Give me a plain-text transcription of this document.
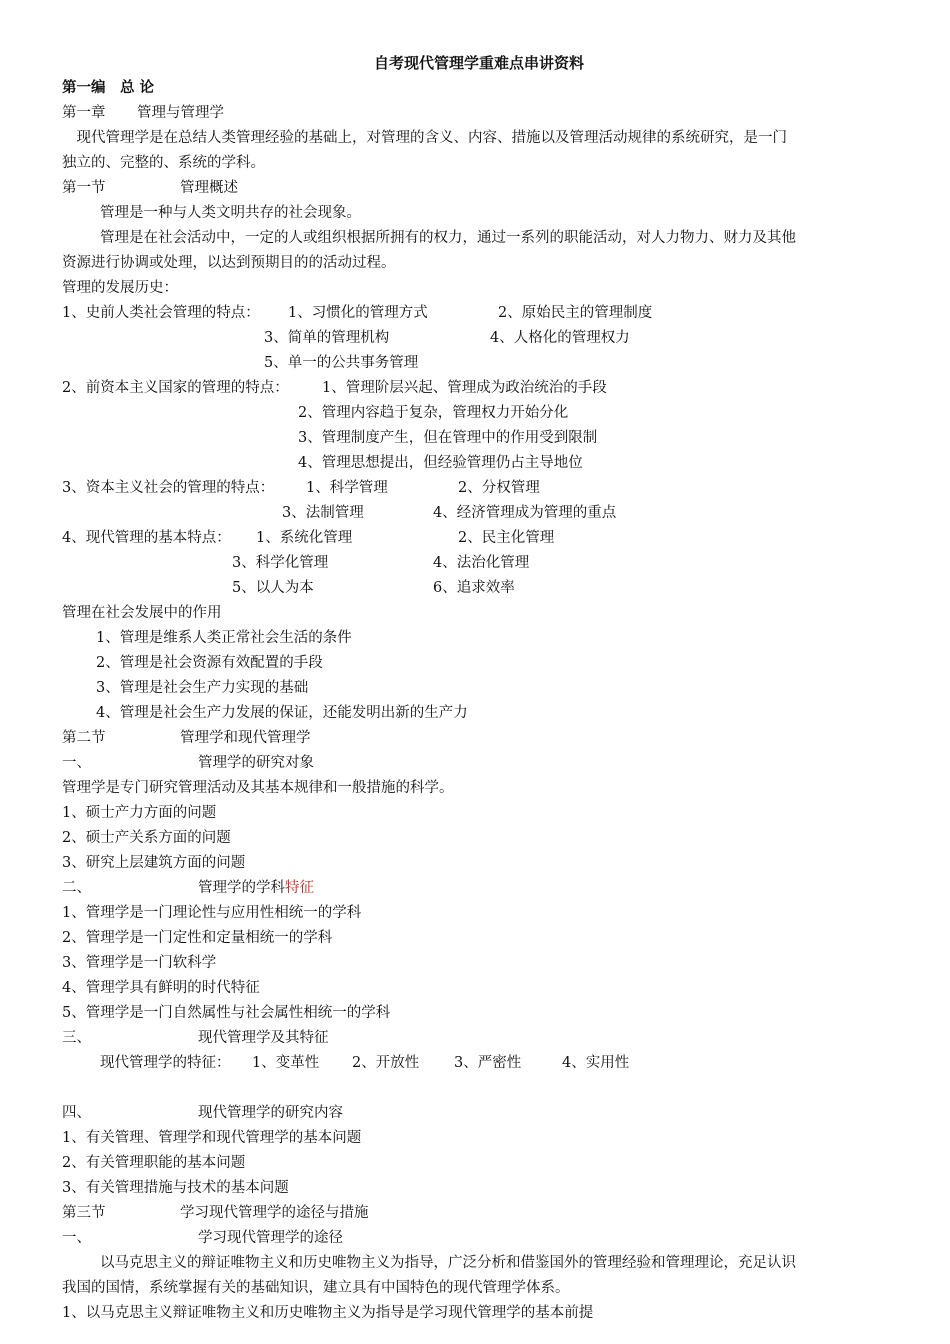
自考现代管理学重难点串讲资料
第一编　总 论
第一章 管理与管理学
　现代管理学是在总结人类管理经验的基础上，对管理的含义、内容、措施以及管理活动规律的系统研究，是一门
独立的、完整的、系统的学科。
第一节	管理概述
管理是一种与人类文明共存的社会现象。
管理是在社会活动中，一定的人或组织根据所拥有的权力，通过一系列的职能活动，对人力物力、财力及其他
资源进行协调或处理，以达到预期目的的活动过程。
管理的发展历史：
1、史前人类社会管理的特点： 1、习惯化的管理方式	2、原始民主的管理制度
3、简单的管理机构	4、人格化的管理权力
5、单一的公共事务管理
2、前资本主义国家的管理的特点： 1、管理阶层兴起、管理成为政治统治的手段
2、管理内容趋于复杂，管理权力开始分化
3、管理制度产生，但在管理中的作用受到限制
4、管理思想提出，但经验管理仍占主导地位
3、资本主义社会的管理的特点： 1、科学管理	2、分权管理
3、法制管理	4、经济管理成为管理的重点
4、现代管理的基本特点： 1、系统化管理	2、民主化管理
3、科学化管理	4、法治化管理
5、以人为本	6、追求效率
管理在社会发展中的作用
1、管理是维系人类正常社会生活的条件
2、管理是社会资源有效配置的手段
3、管理是社会生产力实现的基础
4、管理是社会生产力发展的保证，还能发明出新的生产力
第二节	管理学和现代管理学
一、	管理学的研究对象
管理学是专门研究管理活动及其基本规律和一般措施的科学。
1、硕士产力方面的问题
2、硕士产关系方面的问题
3、研究上层建筑方面的问题
二、	管理学的学科特征
1、管理学是一门理论性与应用性相统一的学科
2、管理学是一门定性和定量相统一的学科
3、管理学是一门软科学
4、管理学具有鲜明的时代特征
5、管理学是一门自然属性与社会属性相统一的学科
三、	现代管理学及其特征
现代管理学的特征： 1、变革性 2、开放性 3、严密性	4、实用性
四、	现代管理学的研究内容
1、有关管理、管理学和现代管理学的基本问题
2、有关管理职能的基本问题
3、有关管理措施与技术的基本问题
第三节	学习现代管理学的途径与措施
一、	学习现代管理学的途径
以马克思主义的辩证唯物主义和历史唯物主义为指导，广泛分析和借鉴国外的管理经验和管理理论，充足认识
我国的国情，系统掌握有关的基础知识，建立具有中国特色的现代管理学体系。
1、以马克思主义辩证唯物主义和历史唯物主义为指导是学习现代管理学的基本前提
